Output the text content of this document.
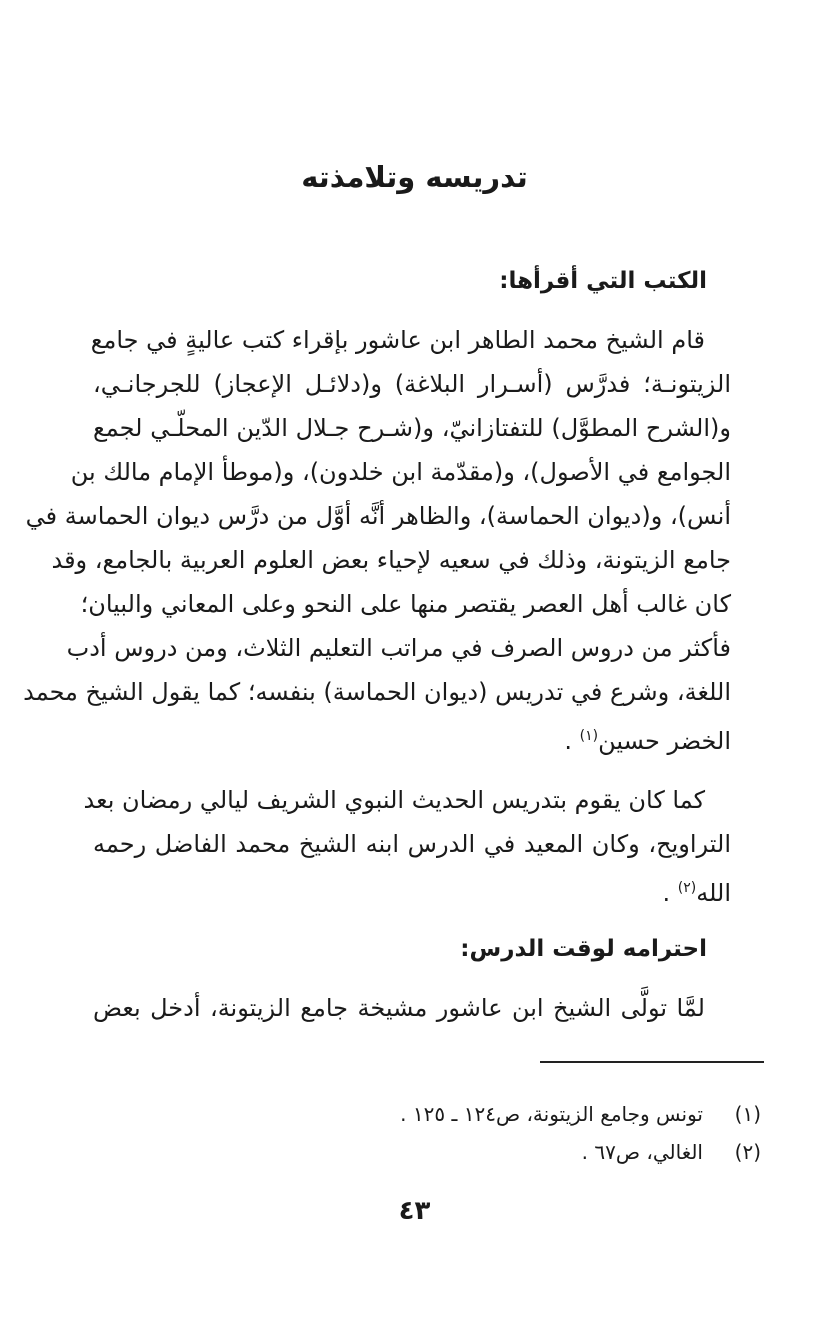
تدريسه وتلامذته
الكتب التي أقرأها:
قام الشيخ محمد الطاهر ابن عاشور بإقراء كتب عاليةٍ في جامع
الزيتونـة؛ فدرَّس (أسـرار البلاغة) و(دلائـل الإعجاز) للجرجانـي،
و(الشرح المطوَّل) للتفتازانيّ، و(شـرح جـلال الدّين المحلّـي لجمع
الجوامع في الأصول)، و(مقدّمة ابن خلدون)، و(موطأ الإمام مالك بن
أنس)، و(ديوان الحماسة)، والظاهر أنَّه أوَّل من درَّس ديوان الحماسة في
جامع الزيتونة، وذلك في سعيه لإحياء بعض العلوم العربية بالجامع، وقد
كان غالب أهل العصر يقتصر منها على النحو وعلى المعاني والبيان؛
فأكثر من دروس الصرف في مراتب التعليم الثلاث، ومن دروس أدب
اللغة، وشرع في تدريس (ديوان الحماسة) بنفسه؛ كما يقول الشيخ محمد
الخضر حسين$^{(١)}$ .
كما كان يقوم بتدريس الحديث النبوي الشريف ليالي رمضان بعد
التراويح، وكان المعيد في الدرس ابنه الشيخ محمد الفاضل رحمه
الله$^{(٢)}$ .
احترامه لوقت الدرس:
لمَّا تولَّى الشيخ ابن عاشور مشيخة جامع الزيتونة، أدخل بعض
(١)
تونس وجامع الزيتونة، ص١٢٤ ـ ١٢٥ .
(٢)
الغالي، ص٦٧ .
٤٣
